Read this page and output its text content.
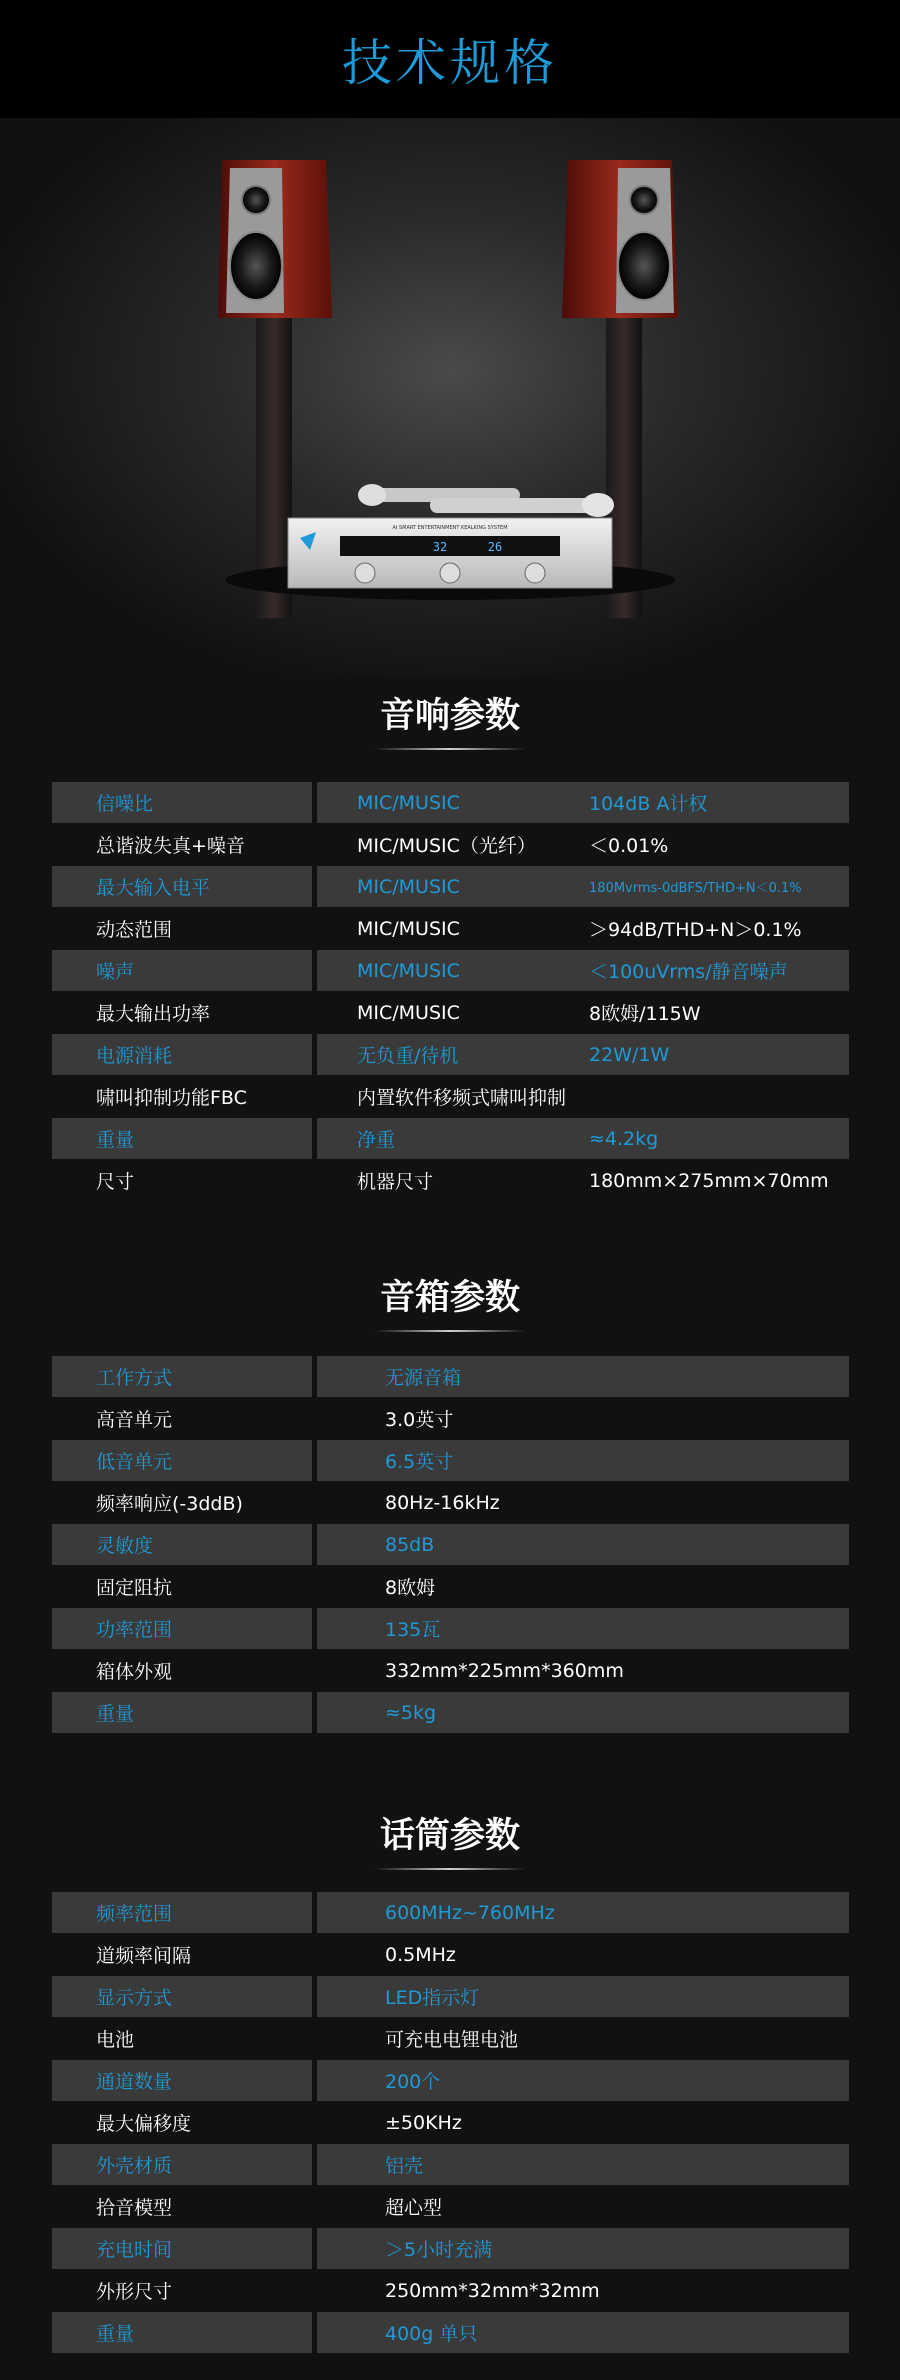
技术规格
AI SMART ENTERTAINMENT KEALKING SYSTEM
32	26
音响参数
信噪比	MIC/MUSIC	104dB A计权
总谐波失真+噪音	MIC/MUSIC（光纤）	＜0.01%
最大输入电平	MIC/MUSIC	180Mvrms-0dBFS/THD+N＜0.1%
动态范围	MIC/MUSIC	＞94dB/THD+N＞0.1%
噪声	MIC/MUSIC	＜100uVrms/静音噪声
最大输出功率	MIC/MUSIC	8欧姆/115W
电源消耗	无负重/待机	22W/1W
啸叫抑制功能FBC	内置软件移频式啸叫抑制
重量	净重	≈4.2kg
尺寸	机器尺寸	180mm×275mm×70mm
音箱参数
工作方式	无源音箱
高音单元	3.0英寸
低音单元	6.5英寸
频率响应(-3ddB)	80Hz-16kHz
灵敏度	85dB
固定阻抗	8欧姆
功率范围	135瓦
箱体外观	332mm*225mm*360mm
重量	≈5kg
话筒参数
频率范围	600MHz~760MHz
道频率间隔	0.5MHz
显示方式	LED指示灯
电池	可充电电锂电池
通道数量	200个
最大偏移度	±50KHz
外壳材质	铝壳
拾音模型	超心型
充电时间	＞5小时充满
外形尺寸	250mm*32mm*32mm
重量	400g 单只
